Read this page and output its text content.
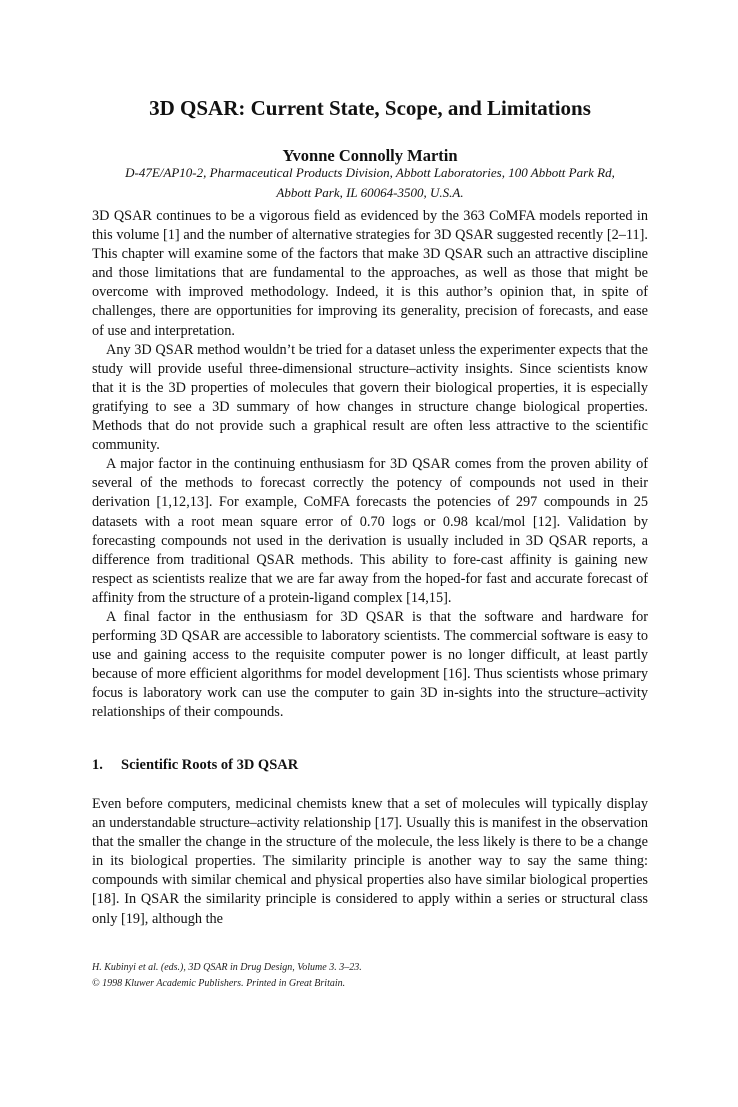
3D QSAR: Current State, Scope, and Limitations
Yvonne Connolly Martin
D-47E/AP10-2, Pharmaceutical Products Division, Abbott Laboratories, 100 Abbott Park Rd,
Abbott Park, IL 60064-3500, U.S.A.

3D QSAR continues to be a vigorous field as evidenced by the 363 CoMFA models reported in this volume [1] and the number of alternative strategies for 3D QSAR suggested recently [2–11]. This chapter will examine some of the factors that make 3D QSAR such an attractive discipline and those limitations that are fundamental to the approaches, as well as those that might be overcome with improved methodology. Indeed, it is this author’s opinion that, in spite of challenges, there are opportunities for improving its generality, precision of forecasts, and ease of use and interpretation.

Any 3D QSAR method wouldn’t be tried for a dataset unless the experimenter expects that the study will provide useful three-dimensional structure–activity insights. Since scientists know that it is the 3D properties of molecules that govern their biological properties, it is especially gratifying to see a 3D summary of how changes in structure change biological properties. Methods that do not provide such a graphical result are often less attractive to the scientific community.

A major factor in the continuing enthusiasm for 3D QSAR comes from the proven ability of several of the methods to forecast correctly the potency of compounds not used in their derivation [1,12,13]. For example, CoMFA forecasts the potencies of 297 compounds in 25 datasets with a root mean square error of 0.70 logs or 0.98 kcal/mol [12]. Validation by forecasting compounds not used in the derivation is usually included in 3D QSAR reports, a difference from traditional QSAR methods. This ability to fore-cast affinity is gaining new respect as scientists realize that we are far away from the hoped-for fast and accurate forecast of affinity from the structure of a protein-ligand complex [14,15].

A final factor in the enthusiasm for 3D QSAR is that the software and hardware for performing 3D QSAR are accessible to laboratory scientists. The commercial software is easy to use and gaining access to the requisite computer power is no longer difficult, at least partly because of more efficient algorithms for model development [16]. Thus scientists whose primary focus is laboratory work can use the computer to gain 3D in-sights into the structure–activity relationships of their compounds.

1. Scientific Roots of 3D QSAR

Even before computers, medicinal chemists knew that a set of molecules will typically display an understandable structure–activity relationship [17]. Usually this is manifest in the observation that the smaller the change in the structure of the molecule, the less likely is there to be a change in its biological properties. The similarity principle is another way to say the same thing: compounds with similar chemical and physical properties also have similar biological properties [18]. In QSAR the similarity principle is considered to apply within a series or structural class only [19], although the

H. Kubinyi et al. (eds.), 3D QSAR in Drug Design, Volume 3. 3–23.
© 1998 Kluwer Academic Publishers. Printed in Great Britain.
